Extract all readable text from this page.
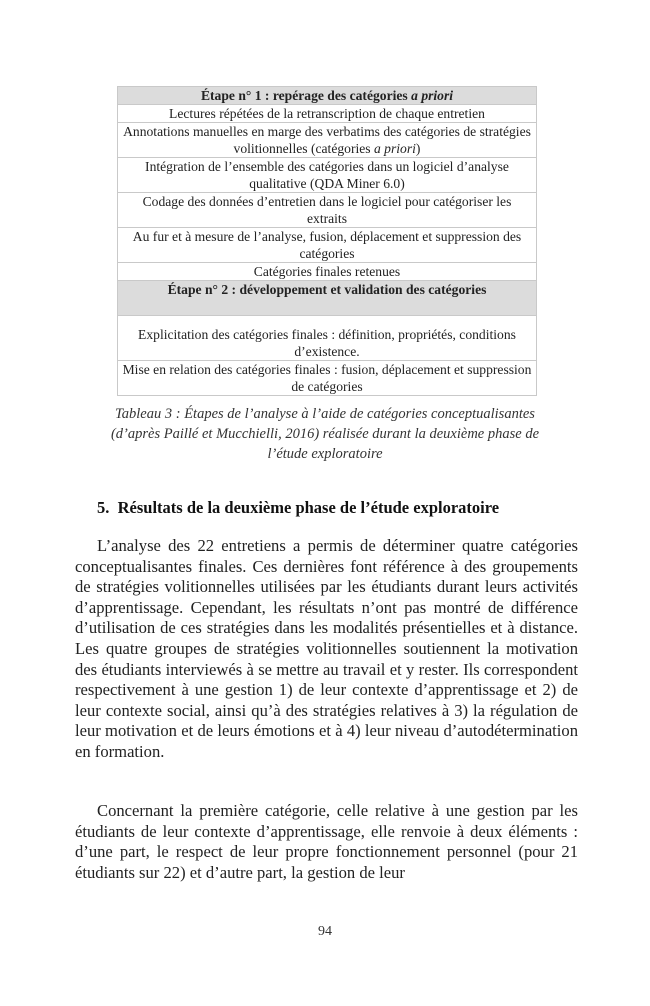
Étape n° 1 : repérage des catégories a priori
Lectures répétées de la retranscription de chaque entretien
Annotations manuelles en marge des verbatims des catégories de stratégies volitionnelles (catégories a priori)
Intégration de l’ensemble des catégories dans un logiciel d’analyse qualitative (QDA Miner 6.0)
Codage des données d’entretien dans le logiciel pour catégoriser les extraits
Au fur et à mesure de l’analyse, fusion, déplacement et suppression des catégories
Catégories finales retenues
Étape n° 2 : développement et validation des catégories
Explicitation des catégories finales : définition, propriétés, conditions d’existence.
Mise en relation des catégories finales : fusion, déplacement et suppression de catégories
Tableau 3 : Étapes de l’analyse à l’aide de catégories conceptualisantes (d’après Paillé et Mucchielli, 2016) réalisée durant la deuxième phase de l’étude exploratoire
5. Résultats de la deuxième phase de l’étude exploratoire

L’analyse des 22 entretiens a permis de déterminer quatre catégories conceptualisantes finales. Ces dernières font référence à des groupements de stratégies volitionnelles utilisées par les étudiants durant leurs activités d’apprentissage. Cependant, les résultats n’ont pas montré de différence d’utilisation de ces stratégies dans les modalités présentielles et à distance. Les quatre groupes de stratégies volitionnelles soutiennent la motivation des étudiants interviewés à se mettre au travail et y rester. Ils correspondent respectivement à une gestion 1) de leur contexte d’apprentissage et 2) de leur contexte social, ainsi qu’à des stratégies relatives à 3) la régulation de leur motivation et de leurs émotions et à 4) leur niveau d’autodétermination en formation.

Concernant la première catégorie, celle relative à une gestion par les étudiants de leur contexte d’apprentissage, elle renvoie à deux éléments : d’une part, le respect de leur propre fonctionnement personnel (pour 21 étudiants sur 22) et d’autre part, la gestion de leur

94
